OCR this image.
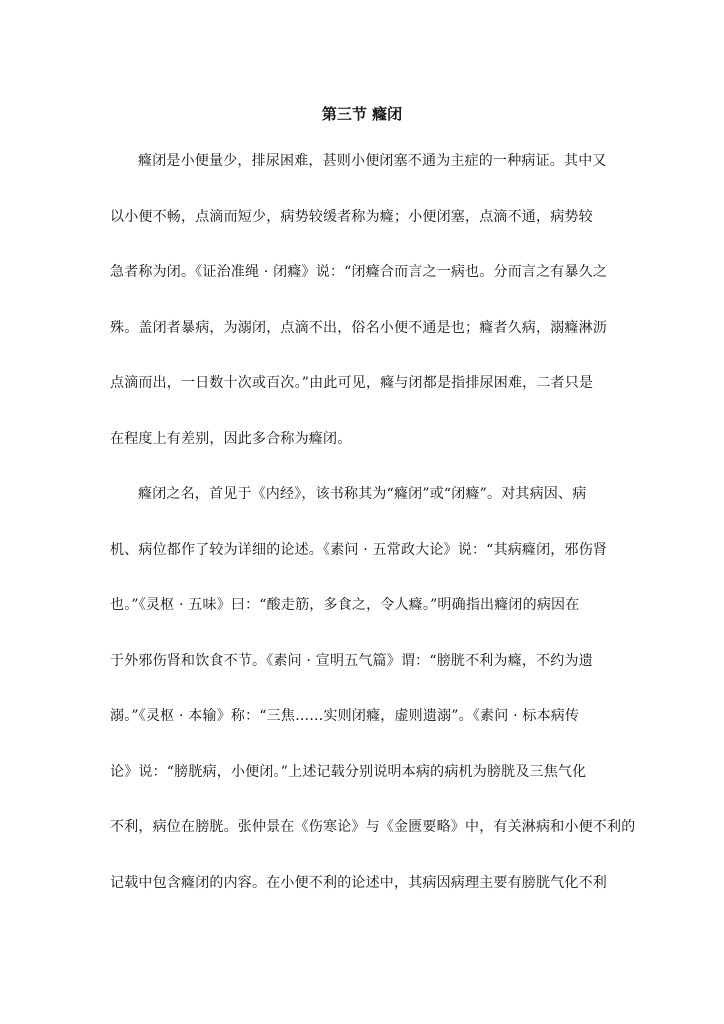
第三节 癃闭
癃闭是小便量少，排尿困难，甚则小便闭塞不通为主症的一种病证。其中又
以小便不畅，点滴而短少，病势较缓者称为癃；小便闭塞，点滴不通，病势较
急者称为闭。《证治准绳 · 闭癃》说：“闭癃合而言之一病也。分而言之有暴久之
殊。盖闭者暴病，为溺闭，点滴不出，俗名小便不通是也；癃者久病，溺癃淋沥
点滴而出，一日数十次或百次。”由此可见，癃与闭都是指排尿困难，二者只是
在程度上有差别，因此多合称为癃闭。
癃闭之名，首见于《内经》，该书称其为“癃闭”或“闭癃”。对其病因、病
机、病位都作了较为详细的论述。《素问 · 五常政大论》说：“其病癃闭，邪伤肾
也。”《灵枢 · 五味》曰：“酸走筋，多食之，令人癃。”明确指出癃闭的病因在
于外邪伤肾和饮食不节。《素问 · 宣明五气篇》谓：“膀胱不利为癃，不约为遗
溺。”《灵枢 · 本输》称：“三焦……实则闭癃，虚则遗溺”。《素问 · 标本病传
论》说：“膀胱病，小便闭。”上述记载分别说明本病的病机为膀胱及三焦气化
不利，病位在膀胱。张仲景在《伤寒论》与《金匮要略》中，有关淋病和小便不利的
记载中包含癃闭的内容。在小便不利的论述中，其病因病理主要有膀胱气化不利
